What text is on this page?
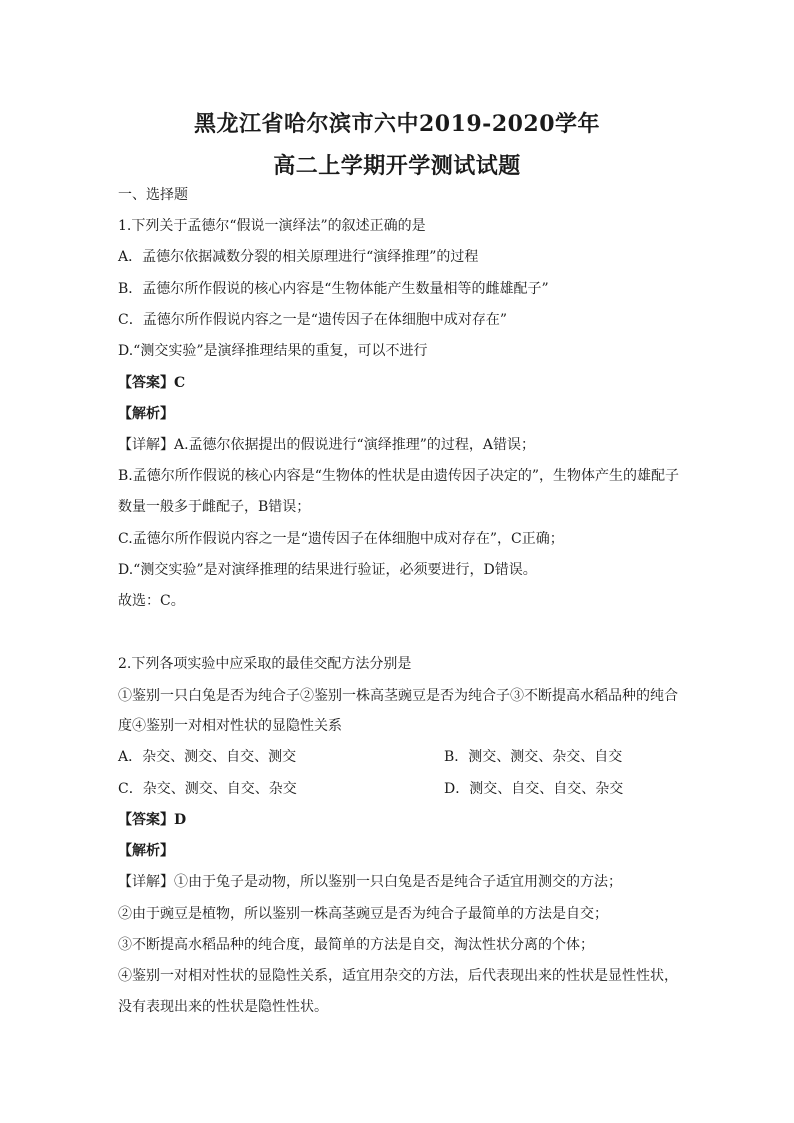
黑龙江省哈尔滨市六中2019-2020学年
高二上学期开学测试试题
一、选择题
1.下列关于孟德尔“假说一演绎法”的叙述正确的是
A．孟德尔依据减数分裂的相关原理进行“演绎推理”的过程
B．孟德尔所作假说的核心内容是“生物体能产生数量相等的雌雄配子”
C．孟德尔所作假说内容之一是“遗传因子在体细胞中成对存在”
D.“测交实验”是演绎推理结果的重复，可以不进行
【答案】C
【解析】
【详解】A.孟德尔依据提出的假说进行“演绎推理”的过程，A错误；
B.孟德尔所作假说的核心内容是“生物体的性状是由遗传因子决定的”，生物体产生的雄配子
数量一般多于雌配子，B错误；
C.孟德尔所作假说内容之一是“遗传因子在体细胞中成对存在”，C正确；
D.“测交实验”是对演绎推理的结果进行验证，必须要进行，D错误。
故选：C。
2.下列各项实验中应采取的最佳交配方法分别是
①鉴别一只白兔是否为纯合子②鉴别一株高茎豌豆是否为纯合子③不断提高水稻品种的纯合
度④鉴别一对相对性状的显隐性关系
A．杂交、测交、自交、测交	B．测交、测交、杂交、自交
C．杂交、测交、自交、杂交	D．测交、自交、自交、杂交
【答案】D
【解析】
【详解】①由于兔子是动物，所以鉴别一只白兔是否是纯合子适宜用测交的方法；
②由于豌豆是植物，所以鉴别一株高茎豌豆是否为纯合子最简单的方法是自交；
③不断提高水稻品种的纯合度，最简单的方法是自交，淘汰性状分离的个体；
④鉴别一对相对性状的显隐性关系，适宜用杂交的方法，后代表现出来的性状是显性性状，
没有表现出来的性状是隐性性状。
